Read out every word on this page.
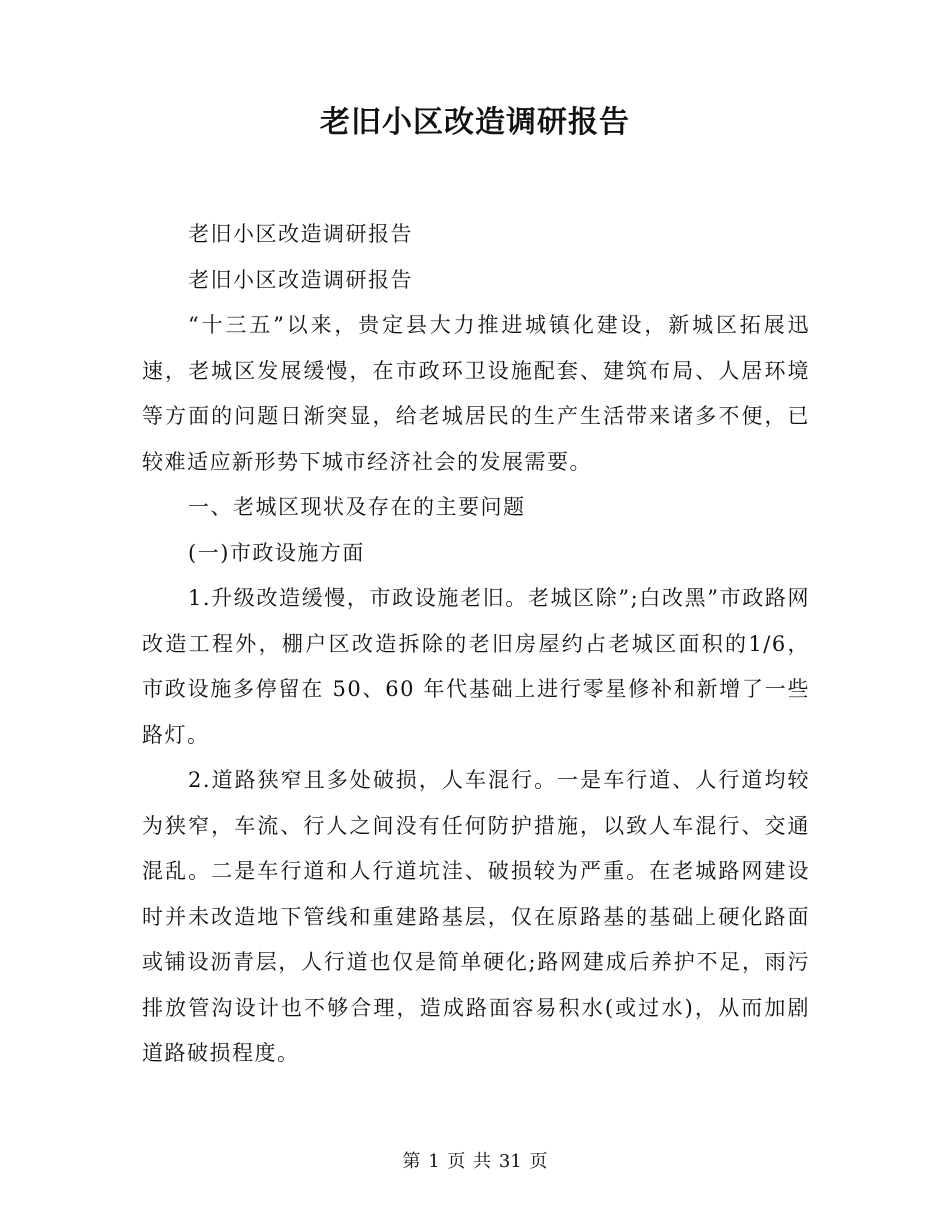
老旧小区改造调研报告

老旧小区改造调研报告

老旧小区改造调研报告

“十三五”以来，贵定县大力推进城镇化建设，新城区拓展迅速，老城区发展缓慢，在市政环卫设施配套、建筑布局、人居环境等方面的问题日渐突显，给老城居民的生产生活带来诸多不便，已较难适应新形势下城市经济社会的发展需要。

一、老城区现状及存在的主要问题

(一)市政设施方面

1.升级改造缓慢，市政设施老旧。老城区除”;白改黑”市政路网改造工程外，棚户区改造拆除的老旧房屋约占老城区面积的1/6，市政设施多停留在 50、60 年代基础上进行零星修补和新增了一些路灯。

2.道路狭窄且多处破损，人车混行。一是车行道、人行道均较为狭窄，车流、行人之间没有任何防护措施，以致人车混行、交通混乱。二是车行道和人行道坑洼、破损较为严重。在老城路网建设时并未改造地下管线和重建路基层，仅在原路基的基础上硬化路面或铺设沥青层，人行道也仅是简单硬化;路网建成后养护不足，雨污排放管沟设计也不够合理，造成路面容易积水(或过水)，从而加剧道路破损程度。

第 1 页 共 31 页
